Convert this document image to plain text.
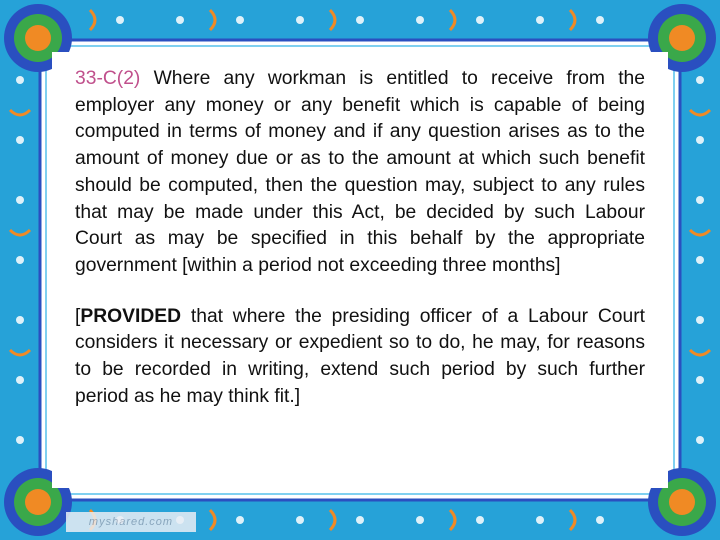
33-C(2) Where any workman is entitled to receive from the employer any money or any benefit which is capable of being computed in terms of money and if any question arises as to the amount of money due or as to the amount at which such benefit should be computed, then the question may, subject to any rules that may be made under this Act, be decided by such Labour Court as may be specified in this behalf by the appropriate government [within a period not exceeding three months]

[PROVIDED that where the presiding officer of a Labour Court considers it necessary or expedient so to do, he may, for reasons to be recorded in writing, extend such period by such further period as he may think fit.]

myshared.com
